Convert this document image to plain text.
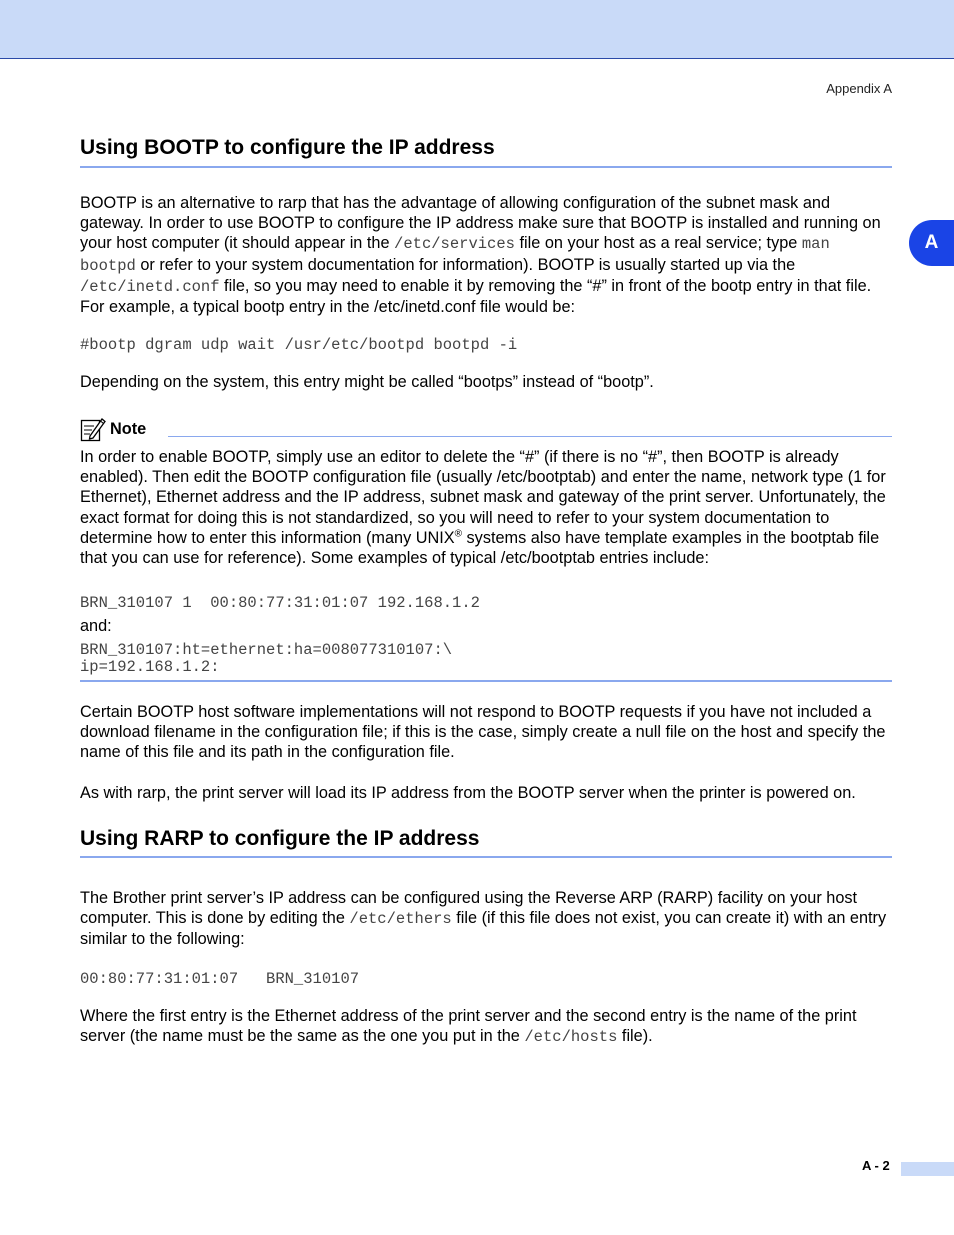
Appendix A
A
Using BOOTP to configure the IP address

BOOTP is an alternative to rarp that has the advantage of allowing configuration of the subnet mask and gateway. In order to use BOOTP to configure the IP address make sure that BOOTP is installed and running on your host computer (it should appear in the /etc/services file on your host as a real service; type man bootpd or refer to your system documentation for information). BOOTP is usually started up via the /etc/inetd.conf file, so you may need to enable it by removing the “#” in front of the bootp entry in that file. For example, a typical bootp entry in the /etc/inetd.conf file would be:

#bootp dgram udp wait /usr/etc/bootpd bootpd -i

Depending on the system, this entry might be called “bootps” instead of “bootp”.

Note

In order to enable BOOTP, simply use an editor to delete the “#” (if there is no “#”, then BOOTP is already enabled). Then edit the BOOTP configuration file (usually /etc/bootptab) and enter the name, network type (1 for Ethernet), Ethernet address and the IP address, subnet mask and gateway of the print server. Unfortunately, the exact format for doing this is not standardized, so you will need to refer to your system documentation to determine how to enter this information (many UNIX® systems also have template examples in the bootptab file that you can use for reference). Some examples of typical /etc/bootptab entries include:

BRN_310107 1  00:80:77:31:01:07 192.168.1.2

and:

BRN_310107:ht=ethernet:ha=008077310107:\
ip=192.168.1.2:

Certain BOOTP host software implementations will not respond to BOOTP requests if you have not included a download filename in the configuration file; if this is the case, simply create a null file on the host and specify the name of this file and its path in the configuration file.

As with rarp, the print server will load its IP address from the BOOTP server when the printer is powered on.

Using RARP to configure the IP address

The Brother print server’s IP address can be configured using the Reverse ARP (RARP) facility on your host computer. This is done by editing the /etc/ethers file (if this file does not exist, you can create it) with an entry similar to the following:

00:80:77:31:01:07   BRN_310107

Where the first entry is the Ethernet address of the print server and the second entry is the name of the print server (the name must be the same as the one you put in the /etc/hosts file).

A - 2
